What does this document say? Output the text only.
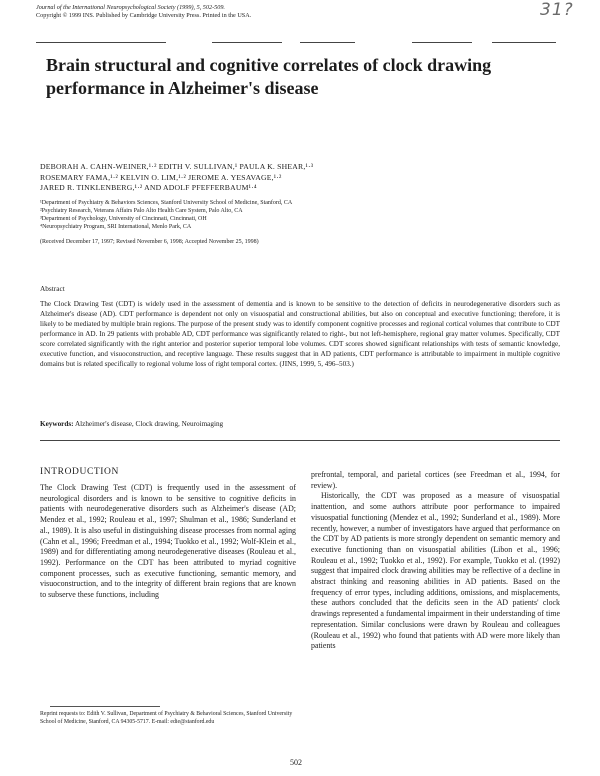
Journal of the International Neuropsychological Society (1999), 5, 502-509.
Copyright © 1999 INS. Published by Cambridge University Press. Printed in the USA.	31?
Brain structural and cognitive correlates of clock drawing performance in Alzheimer's disease
DEBORAH A. CAHN-WEINER,¹·² EDITH V. SULLIVAN,¹ PAULA K. SHEAR,¹·³
ROSEMARY FAMA,¹·² KELVIN O. LIM,¹·² JEROME A. YESAVAGE,¹·²
JARED R. TINKLENBERG,¹·² AND ADOLF PFEFFERBAUM¹·⁴
¹Department of Psychiatry & Behaviors Sciences, Stanford University School of Medicine, Stanford, CA
²Psychiatry Research, Veterans Affairs Palo Alto Health Care System, Palo Alto, CA
³Department of Psychology, University of Cincinnati, Cincinnati, OH
⁴Neuropsychiatry Program, SRI International, Menlo Park, CA
(Received December 17, 1997; Revised November 6, 1998; Accepted November 25, 1998)
Abstract

The Clock Drawing Test (CDT) is widely used in the assessment of dementia and is known to be sensitive to the detection of deficits in neurodegenerative disorders such as Alzheimer's disease (AD). CDT performance is dependent not only on visuospatial and constructional abilities, but also on conceptual and executive functioning; therefore, it is likely to be mediated by multiple brain regions. The purpose of the present study was to identify component cognitive processes and regional cortical volumes that contribute to CDT performance in AD. In 29 patients with probable AD, CDT performance was significantly related to right-, but not left-hemisphere, regional gray matter volumes. Specifically, CDT score correlated significantly with the right anterior and posterior superior temporal lobe volumes. CDT scores showed significant relationships with tests of semantic knowledge, executive function, and visuoconstruction, and receptive language. These results suggest that in AD patients, CDT performance is attributable to impairment in multiple cognitive domains but is related specifically to regional volume loss of right temporal cortex. (JINS, 1999, 5, 496–503.)

Keywords: Alzheimer's disease, Clock drawing, Neuroimaging
INTRODUCTION

The Clock Drawing Test (CDT) is frequently used in the assessment of neurological disorders and is known to be sensitive to cognitive deficits in patients with neurodegenerative disorders such as Alzheimer's disease (AD; Mendez et al., 1992; Rouleau et al., 1997; Shulman et al., 1986; Sunderland et al., 1989). It is also useful in distinguishing disease processes from normal aging (Cahn et al., 1996; Freedman et al., 1994; Tuokko et al., 1992; Wolf-Klein et al., 1989) and for differentiating among neurodegenerative diseases (Rouleau et al., 1992). Performance on the CDT has been attributed to myriad cognitive component processes, such as executive functioning, semantic memory, and visuoconstruction, and to the integrity of different brain regions that are known to subserve these functions, including

prefrontal, temporal, and parietal cortices (see Freedman et al., 1994, for review).

Historically, the CDT was proposed as a measure of visuospatial inattention, and some authors attribute poor performance to impaired visuospatial functioning (Mendez et al., 1992; Sunderland et al., 1989). More recently, however, a number of investigators have argued that performance on the CDT by AD patients is more strongly dependent on semantic memory and executive functioning than on visuospatial abilities (Libon et al., 1996; Rouleau et al., 1992; Tuokko et al., 1992). For example, Tuokko et al. (1992) suggest that impaired clock drawing abilities may be reflective of a decline in abstract thinking and reasoning abilities in AD patients. Based on the frequency of error types, including additions, omissions, and misplacements, these authors concluded that the deficits seen in the AD patients' clock drawings represented a fundamental impairment in their understanding of time representation. Similar conclusions were drawn by Rouleau and colleagues (Rouleau et al., 1992) who found that patients with AD were more likely than patients

Reprint requests to: Edith V. Sullivan, Department of Psychiatry & Behavioral Sciences, Stanford University School of Medicine, Stanford, CA 94305-5717. E-mail: edie@stanford.edu

502
